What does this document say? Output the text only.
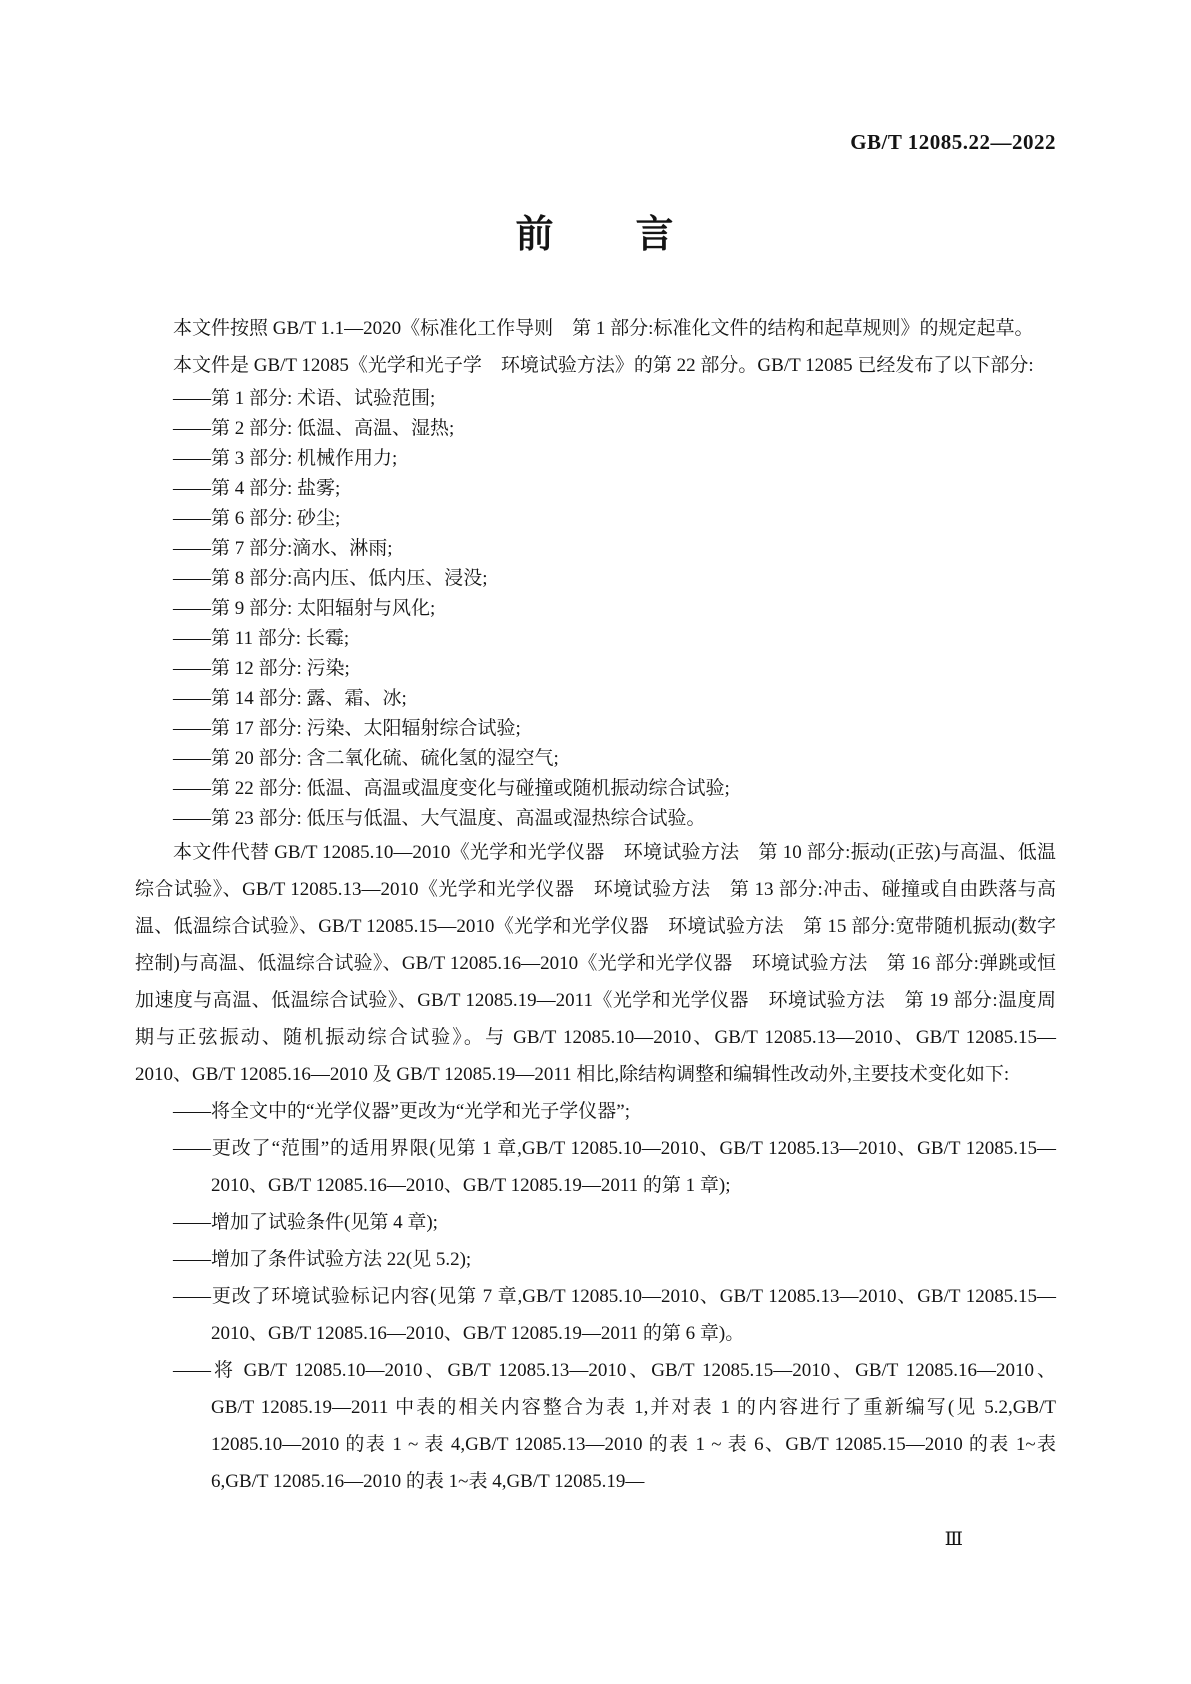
GB/T 12085.22—2022
前　　言

本文件按照 GB/T 1.1—2020《标准化工作导则　第 1 部分:标准化文件的结构和起草规则》的规定起草。

本文件是 GB/T 12085《光学和光子学　环境试验方法》的第 22 部分。GB/T 12085 已经发布了以下部分:

——第 1 部分: 术语、试验范围;

——第 2 部分: 低温、高温、湿热;

——第 3 部分: 机械作用力;

——第 4 部分: 盐雾;

——第 6 部分: 砂尘;

——第 7 部分:滴水、淋雨;

——第 8 部分:高内压、低内压、浸没;

——第 9 部分: 太阳辐射与风化;

——第 11 部分: 长霉;

——第 12 部分: 污染;

——第 14 部分: 露、霜、冰;

——第 17 部分: 污染、太阳辐射综合试验;

——第 20 部分: 含二氧化硫、硫化氢的湿空气;

——第 22 部分: 低温、高温或温度变化与碰撞或随机振动综合试验;

——第 23 部分: 低压与低温、大气温度、高温或湿热综合试验。

本文件代替 GB/T 12085.10—2010《光学和光学仪器　环境试验方法　第 10 部分:振动(正弦)与高温、低温综合试验》、GB/T 12085.13—2010《光学和光学仪器　环境试验方法　第 13 部分:冲击、碰撞或自由跌落与高温、低温综合试验》、GB/T 12085.15—2010《光学和光学仪器　环境试验方法　第 15 部分:宽带随机振动(数字控制)与高温、低温综合试验》、GB/T 12085.16—2010《光学和光学仪器　环境试验方法　第 16 部分:弹跳或恒加速度与高温、低温综合试验》、GB/T 12085.19—2011《光学和光学仪器　环境试验方法　第 19 部分:温度周期与正弦振动、随机振动综合试验》。与 GB/T 12085.10—2010、GB/T 12085.13—2010、GB/T 12085.15—2010、GB/T 12085.16—2010 及 GB/T 12085.19—2011 相比,除结构调整和编辑性改动外,主要技术变化如下:

——将全文中的“光学仪器”更改为“光学和光子学仪器”;

——更改了“范围”的适用界限(见第 1 章,GB/T 12085.10—2010、GB/T 12085.13—2010、GB/T 12085.15—2010、GB/T 12085.16—2010、GB/T 12085.19—2011 的第 1 章);

——增加了试验条件(见第 4 章);

——增加了条件试验方法 22(见 5.2);

——更改了环境试验标记内容(见第 7 章,GB/T 12085.10—2010、GB/T 12085.13—2010、GB/T 12085.15—2010、GB/T 12085.16—2010、GB/T 12085.19—2011 的第 6 章)。

——将 GB/T 12085.10—2010、GB/T 12085.13—2010、GB/T 12085.15—2010、GB/T 12085.16—2010、GB/T 12085.19—2011 中表的相关内容整合为表 1,并对表 1 的内容进行了重新编写(见 5.2,GB/T 12085.10—2010 的表 1 ~ 表 4,GB/T 12085.13—2010 的表 1 ~ 表 6、GB/T 12085.15—2010 的表 1~表 6,GB/T 12085.16—2010 的表 1~表 4,GB/T 12085.19—

Ⅲ
